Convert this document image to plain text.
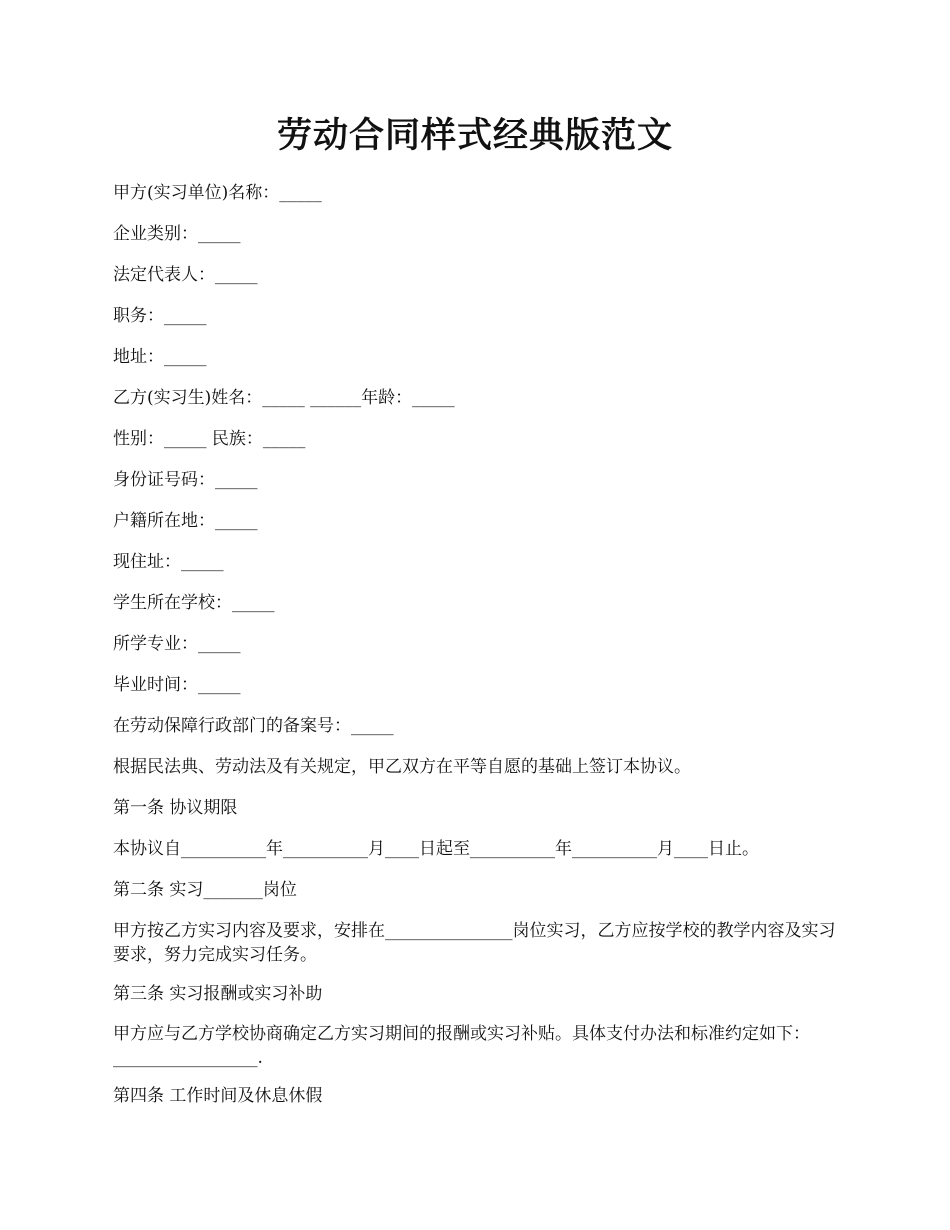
劳动合同样式经典版范文
甲方(实习单位)名称：_____
企业类别：_____
法定代表人：_____
职务：_____
地址：_____
乙方(实习生)姓名：_____ ______年龄：_____
性别：_____ 民族：_____
身份证号码：_____
户籍所在地：_____
现住址：_____
学生所在学校：_____
所学专业：_____
毕业时间：_____
在劳动保障行政部门的备案号：_____
根据民法典、劳动法及有关规定，甲乙双方在平等自愿的基础上签订本协议。
第一条 协议期限
本协议自__________年__________月____日起至__________年__________月____日止。
第二条 实习_______岗位
甲方按乙方实习内容及要求，安排在_______________岗位实习，乙方应按学校的教学内容及实习要求，努力完成实习任务。
第三条 实习报酬或实习补助
甲方应与乙方学校协商确定乙方实习期间的报酬或实习补贴。具体支付办法和标准约定如下：_________________.
第四条 工作时间及休息休假
